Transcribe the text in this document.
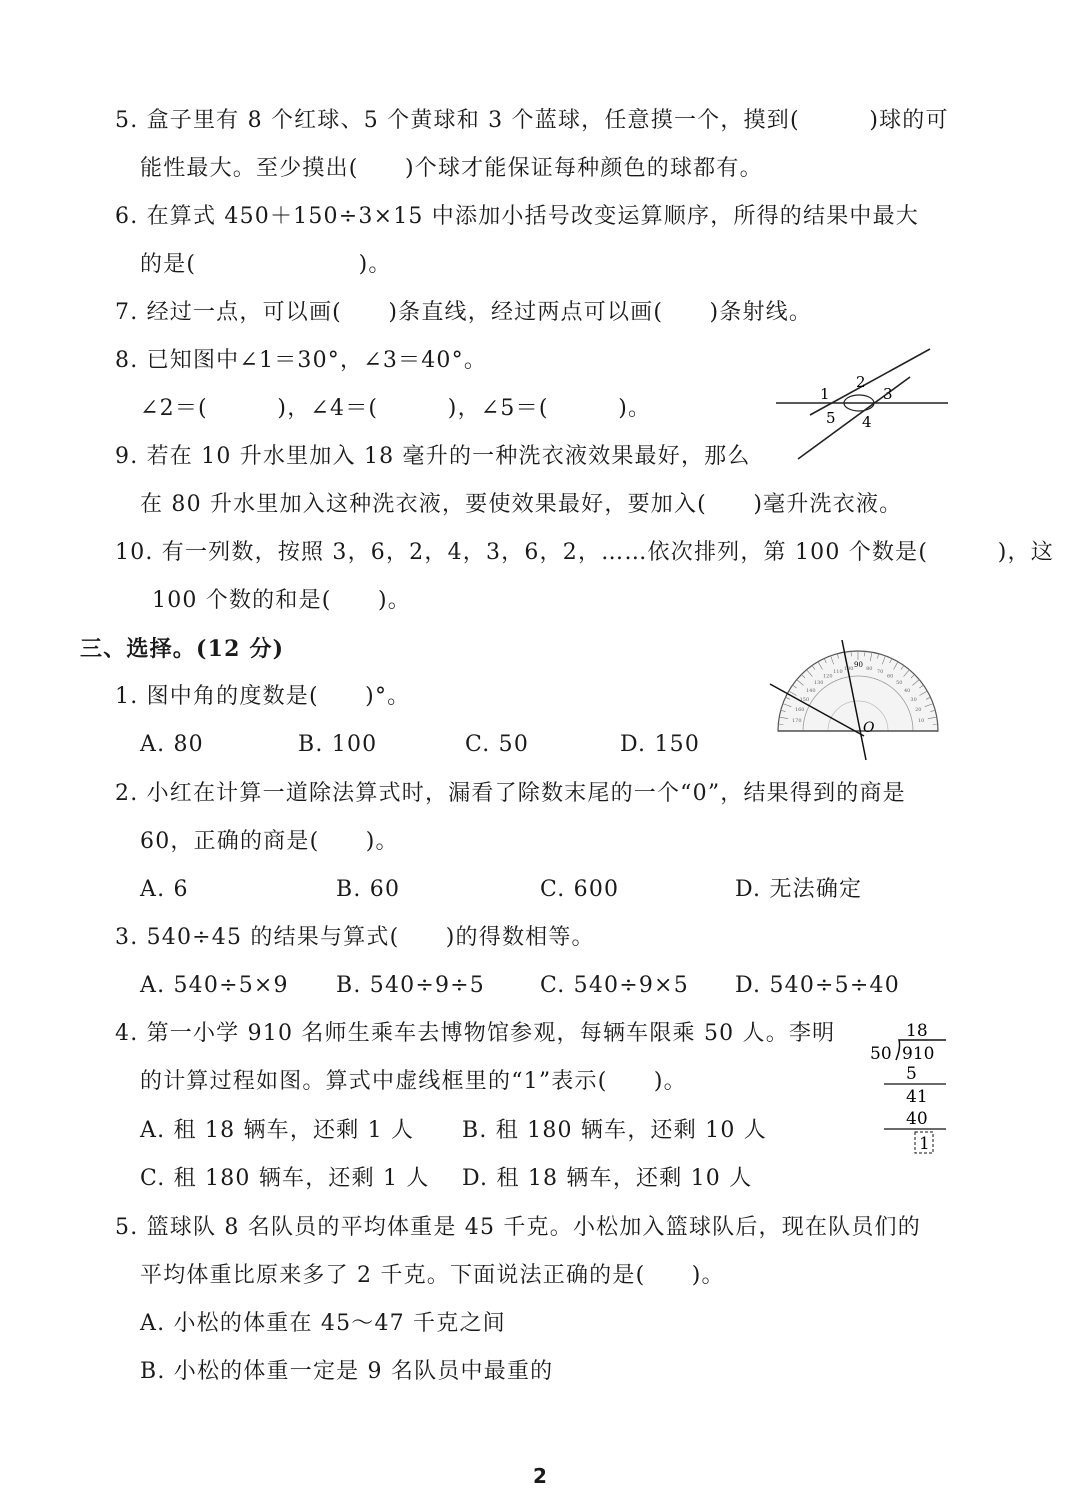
5. 盒子里有 8 个红球、5 个黄球和 3 个蓝球，任意摸一个，摸到(　　　)球的可
能性最大。至少摸出(　　)个球才能保证每种颜色的球都有。
6. 在算式 450＋150÷3×15 中添加小括号改变运算顺序，所得的结果中最大
的是(　　　　　　　)。
7. 经过一点，可以画(　　)条直线，经过两点可以画(　　)条射线。
8. 已知图中∠1＝30°，∠3＝40°。
∠2＝(　　　)，∠4＝(　　　)，∠5＝(　　　)。
1
2
3
4
5
9. 若在 10 升水里加入 18 毫升的一种洗衣液效果最好，那么
在 80 升水里加入这种洗衣液，要使效果最好，要加入(　　)毫升洗衣液。
10. 有一列数，按照 3，6，2，4，3，6，2，……依次排列，第 100 个数是(　　　)，这
100 个数的和是(　　)。
三、选择。(12 分)
1. 图中角的度数是(　　)°。
A. 80	B. 100	C. 50	D. 150
10
20
30
40
50
60
70
80
100
110
120
130
140
150
160
170
90
O
2. 小红在计算一道除法算式时，漏看了除数末尾的一个“0”，结果得到的商是
60，正确的商是(　　)。
A. 6	B. 60	C. 600	D. 无法确定
3. 540÷45 的结果与算式(　　)的得数相等。
A. 540÷5×9 B. 540÷9÷5 C. 540÷9×5 D. 540÷5÷40
4. 第一小学 910 名师生乘车去博物馆参观，每辆车限乘 50 人。李明
的计算过程如图。算式中虚线框里的“1”表示(　　)。
A. 租 18 辆车，还剩 1 人 B. 租 180 辆车，还剩 10 人
C. 租 180 辆车，还剩 1 人 D. 租 18 辆车，还剩 10 人
18
50 910
5
41
40
1
5. 篮球队 8 名队员的平均体重是 45 千克。小松加入篮球队后，现在队员们的
平均体重比原来多了 2 千克。下面说法正确的是(　　)。
A. 小松的体重在 45～47 千克之间
B. 小松的体重一定是 9 名队员中最重的
2
